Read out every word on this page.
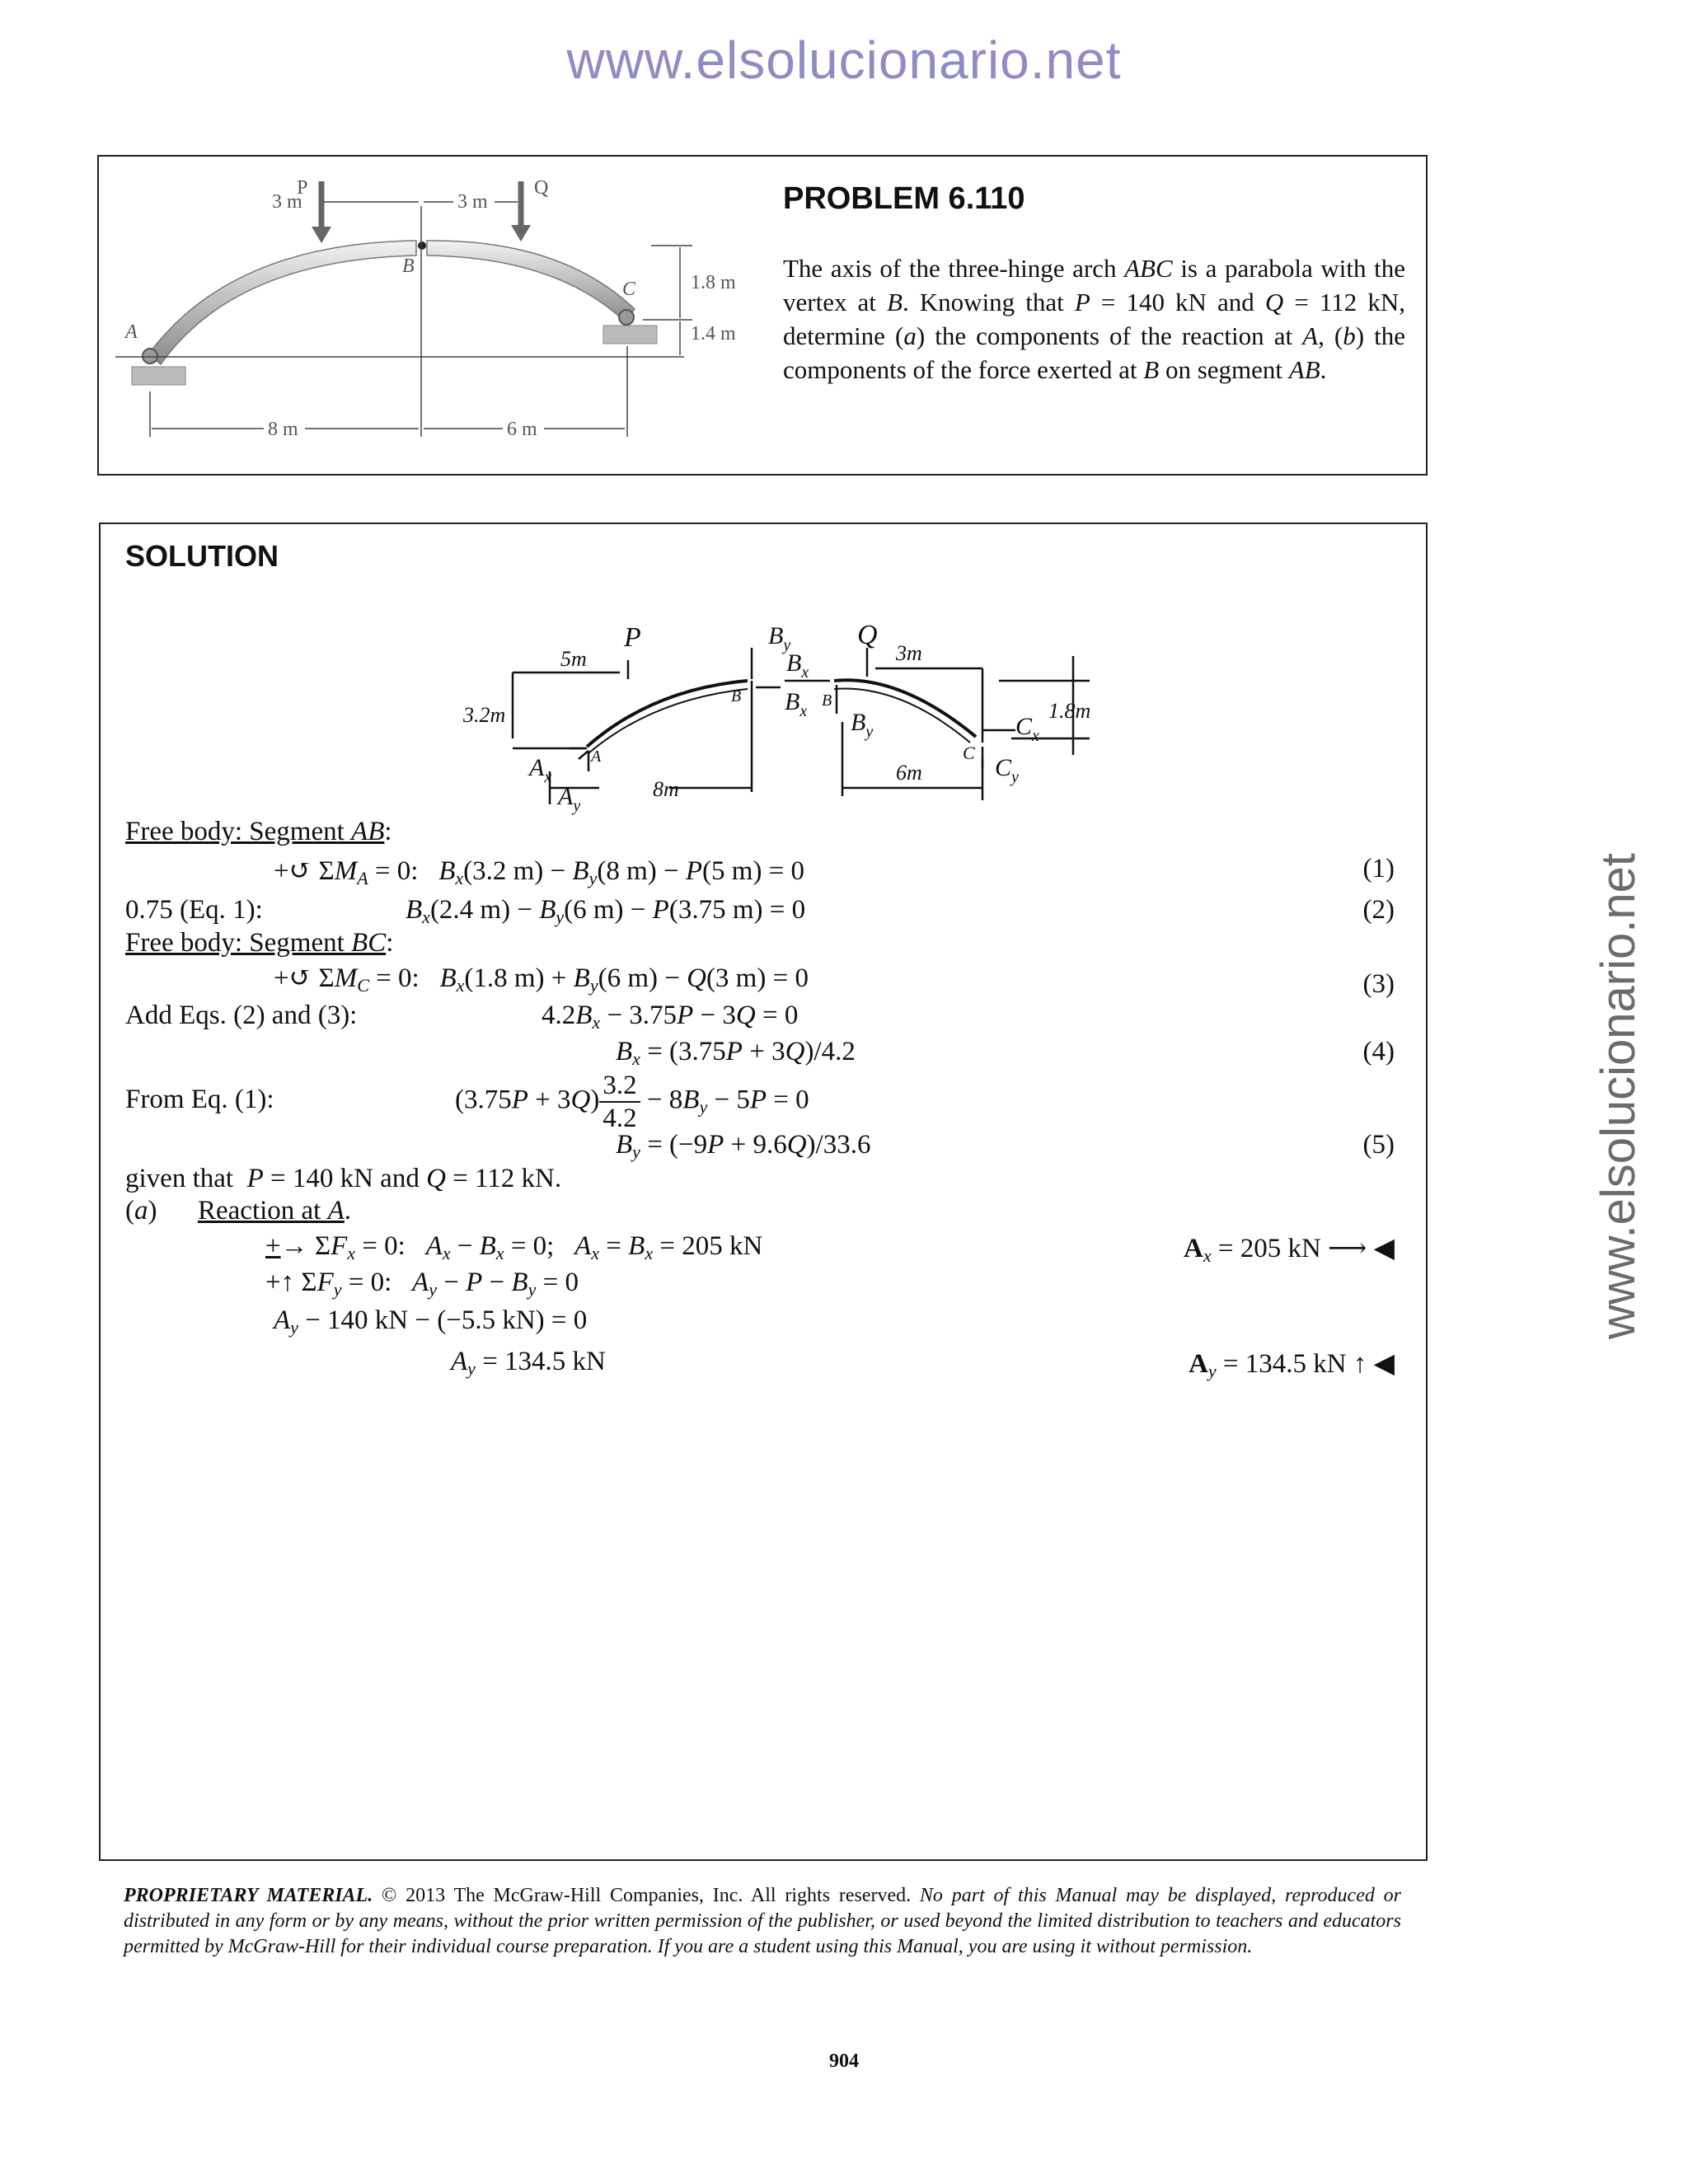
www.elsolucionario.net
www.elsolucionario.net
3 m	3 m
1.8 m
1.4 m
8 m	6 m
P	Q
A
B
C
PROBLEM 6.110
The axis of the three-hinge arch ABC is a parabola with the vertex at B. Knowing that P = 140 kN and Q = 112 kN, determine (a) the components of the reaction at A, (b) the components of the force exerted at B on segment AB.
SOLUTION
5m
3.2m
8m
P	$B_y$
$B_x$
B
A
$A_x$
$A_y$
$B_x$
B
$B_y$
Q
3m
1.8m
$C_x$
C
$C_y$
6m
Free body: Segment AB:
+↺ $\Sigma M_A = 0$:   $B_x(3.2$ $m) - B_y(8$ m) − P(5 m) = 0	(1)
0.75 (Eq. 1):	$B_x(2.4$ $m) - B_y(6$ m) − P(3.75 m) = 0	(2)
Free body: Segment BC:
+↺ $\Sigma M_C = 0$:   $B_x(1.8$ $m) + B_y(6$ m) − Q(3 m) = 0	(3)
Add Eqs. (2) and (3):	$4.2B_x - 3.75P - 3Q = 0$
$B_x = (3.75P + 3Q)/4.2$	(4)
From Eq. (1):	$(3.75P + 3Q) \frac{3.2}{4.2} - 8B_y - 5P = 0$
$B_y = (-9P + 9.6Q)/33.6$	(5)
given that  P = 140 kN and Q = 112 kN.
(a)      Reaction at A.
+→ $\Sigma F_x = 0$:   $A_x - B_x = 0$;   $A_x = B_x = 205$ kN	$A_x = 205$ kN ⟶ ◀
+↑ $\Sigma F_y = 0$:   $A_y - P - B_y = 0$
$A_y - 140$ kN − (−5.5 kN) = 0
$A_y = 134.5$ kN	$A_y = 134.5$ kN ↑ ◀
PROPRIETARY MATERIAL. © 2013 The McGraw-Hill Companies, Inc. All rights reserved. No part of this Manual may be displayed, reproduced or distributed in any form or by any means, without the prior written permission of the publisher, or used beyond the limited distribution to teachers and educators permitted by McGraw-Hill for their individual course preparation. If you are a student using this Manual, you are using it without permission.
904
